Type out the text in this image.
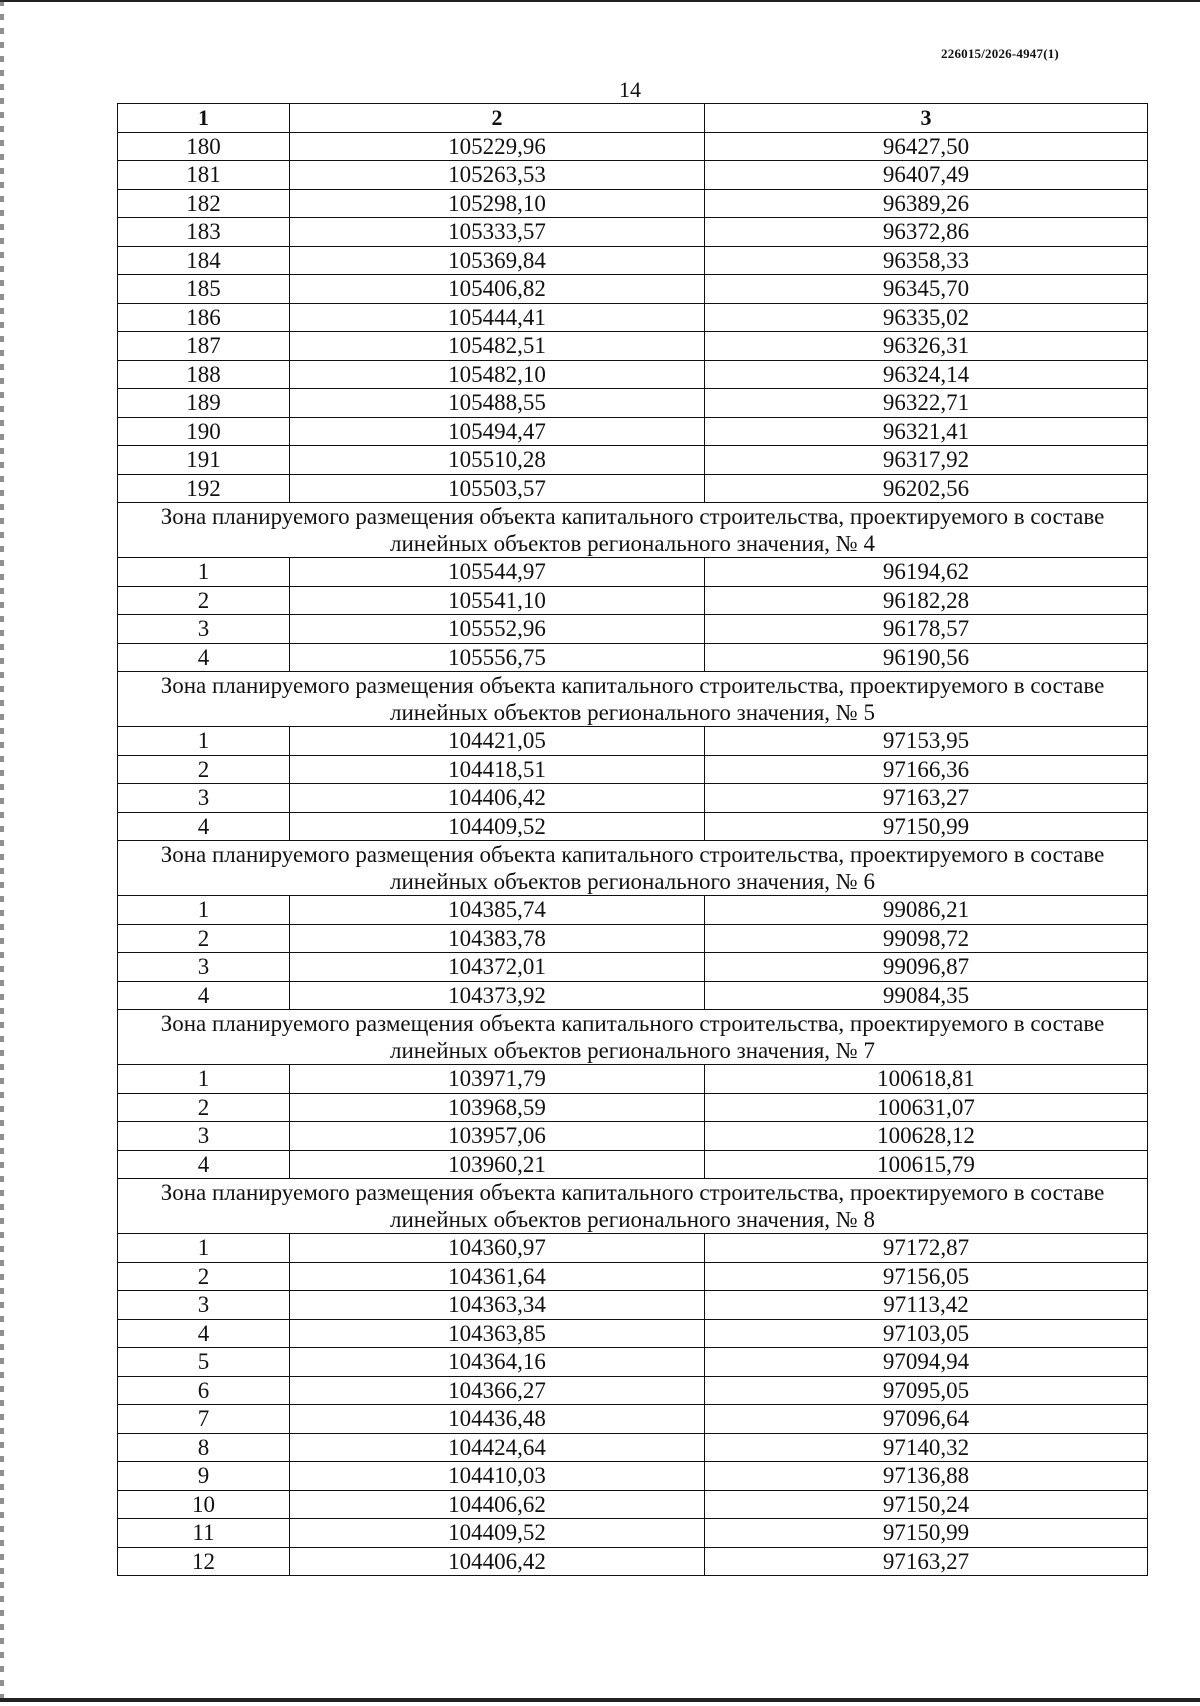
226015/2026-4947(1)
14
1	2	3
180	105229,96	96427,50
181	105263,53	96407,49
182	105298,10	96389,26
183	105333,57	96372,86
184	105369,84	96358,33
185	105406,82	96345,70
186	105444,41	96335,02
187	105482,51	96326,31
188	105482,10	96324,14
189	105488,55	96322,71
190	105494,47	96321,41
191	105510,28	96317,92
192	105503,57	96202,56
Зона планируемого размещения объекта капитального строительства, проектируемого в составе линейных объектов регионального значения, № 4		
1	105544,97	96194,62
2	105541,10	96182,28
3	105552,96	96178,57
4	105556,75	96190,56
Зона планируемого размещения объекта капитального строительства, проектируемого в составе линейных объектов регионального значения, № 5		
1	104421,05	97153,95
2	104418,51	97166,36
3	104406,42	97163,27
4	104409,52	97150,99
Зона планируемого размещения объекта капитального строительства, проектируемого в составе линейных объектов регионального значения, № 6		
1	104385,74	99086,21
2	104383,78	99098,72
3	104372,01	99096,87
4	104373,92	99084,35
Зона планируемого размещения объекта капитального строительства, проектируемого в составе линейных объектов регионального значения, № 7		
1	103971,79	100618,81
2	103968,59	100631,07
3	103957,06	100628,12
4	103960,21	100615,79
Зона планируемого размещения объекта капитального строительства, проектируемого в составе линейных объектов регионального значения, № 8		
1	104360,97	97172,87
2	104361,64	97156,05
3	104363,34	97113,42
4	104363,85	97103,05
5	104364,16	97094,94
6	104366,27	97095,05
7	104436,48	97096,64
8	104424,64	97140,32
9	104410,03	97136,88
10	104406,62	97150,24
11	104409,52	97150,99
12	104406,42	97163,27
